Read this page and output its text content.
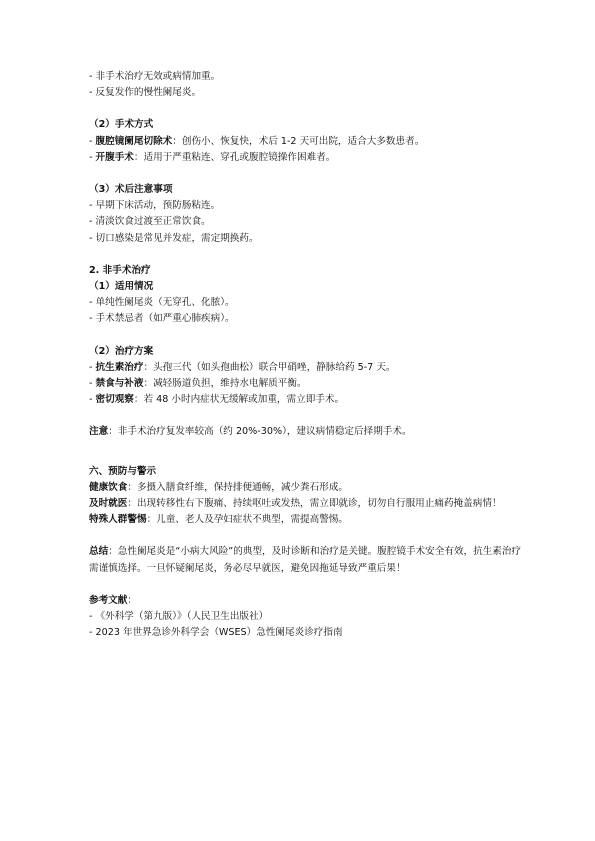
- 非手术治疗无效或病情加重。
- 反复发作的慢性阑尾炎。
（2）手术方式
- 腹腔镜阑尾切除术：创伤小、恢复快，术后 1-2 天可出院，适合大多数患者。
- 开腹手术：适用于严重粘连、穿孔或腹腔镜操作困难者。
（3）术后注意事项
- 早期下床活动，预防肠粘连。
- 清淡饮食过渡至正常饮食。
- 切口感染是常见并发症，需定期换药。
2. 非手术治疗
（1）适用情况
- 单纯性阑尾炎（无穿孔、化脓）。
- 手术禁忌者（如严重心肺疾病）。
（2）治疗方案
- 抗生素治疗：头孢三代（如头孢曲松）联合甲硝唑，静脉给药 5-7 天。
- 禁食与补液：减轻肠道负担，维持水电解质平衡。
- 密切观察：若 48 小时内症状无缓解或加重，需立即手术。
注意：非手术治疗复发率较高（约 20%-30%），建议病情稳定后择期手术。
六、预防与警示
健康饮食：多摄入膳食纤维，保持排便通畅，减少粪石形成。
及时就医：出现转移性右下腹痛、持续呕吐或发热，需立即就诊，切勿自行服用止痛药掩盖病情！
特殊人群警惕：儿童、老人及孕妇症状不典型，需提高警惕。
总结：急性阑尾炎是“小病大风险”的典型，及时诊断和治疗是关键。腹腔镜手术安全有效，抗生素治疗需谨慎选择。一旦怀疑阑尾炎，务必尽早就医，避免因拖延导致严重后果！
参考文献：
- 《外科学（第九版）》（人民卫生出版社）
- 2023 年世界急诊外科学会（WSES）急性阑尾炎诊疗指南
